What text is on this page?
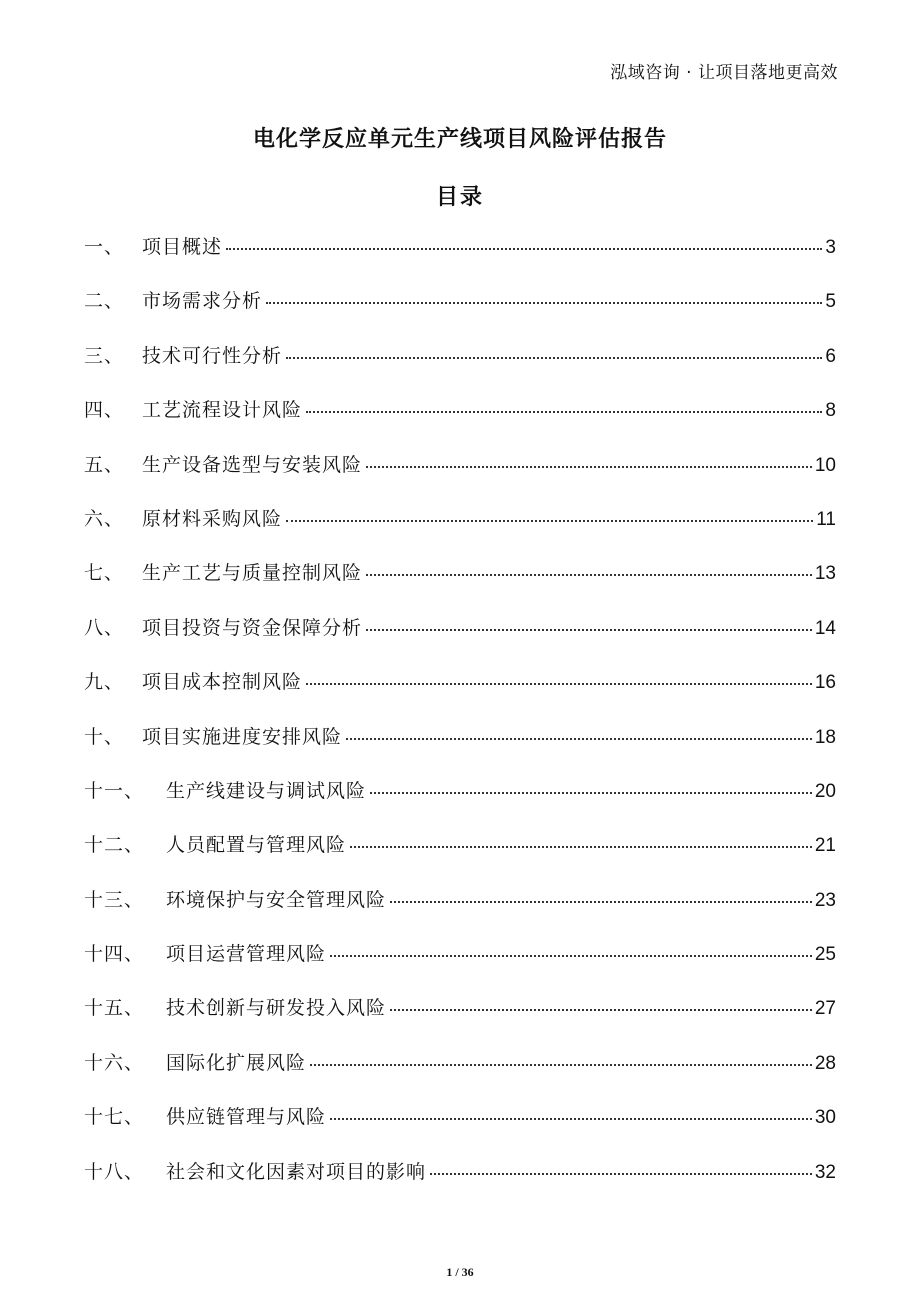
泓域咨询 · 让项目落地更高效
电化学反应单元生产线项目风险评估报告
目录
一、 项目概述	3
二、 市场需求分析	5
三、 技术可行性分析	6
四、 工艺流程设计风险	8
五、 生产设备选型与安装风险	10
六、 原材料采购风险	11
七、 生产工艺与质量控制风险	13
八、 项目投资与资金保障分析	14
九、 项目成本控制风险	16
十、 项目实施进度安排风险	18
十一、	生产线建设与调试风险	20
十二、	人员配置与管理风险	21
十三、	环境保护与安全管理风险	23
十四、	项目运营管理风险	25
十五、	技术创新与研发投入风险	27
十六、	国际化扩展风险	28
十七、	供应链管理与风险	30
十八、	社会和文化因素对项目的影响	32
1 / 36
